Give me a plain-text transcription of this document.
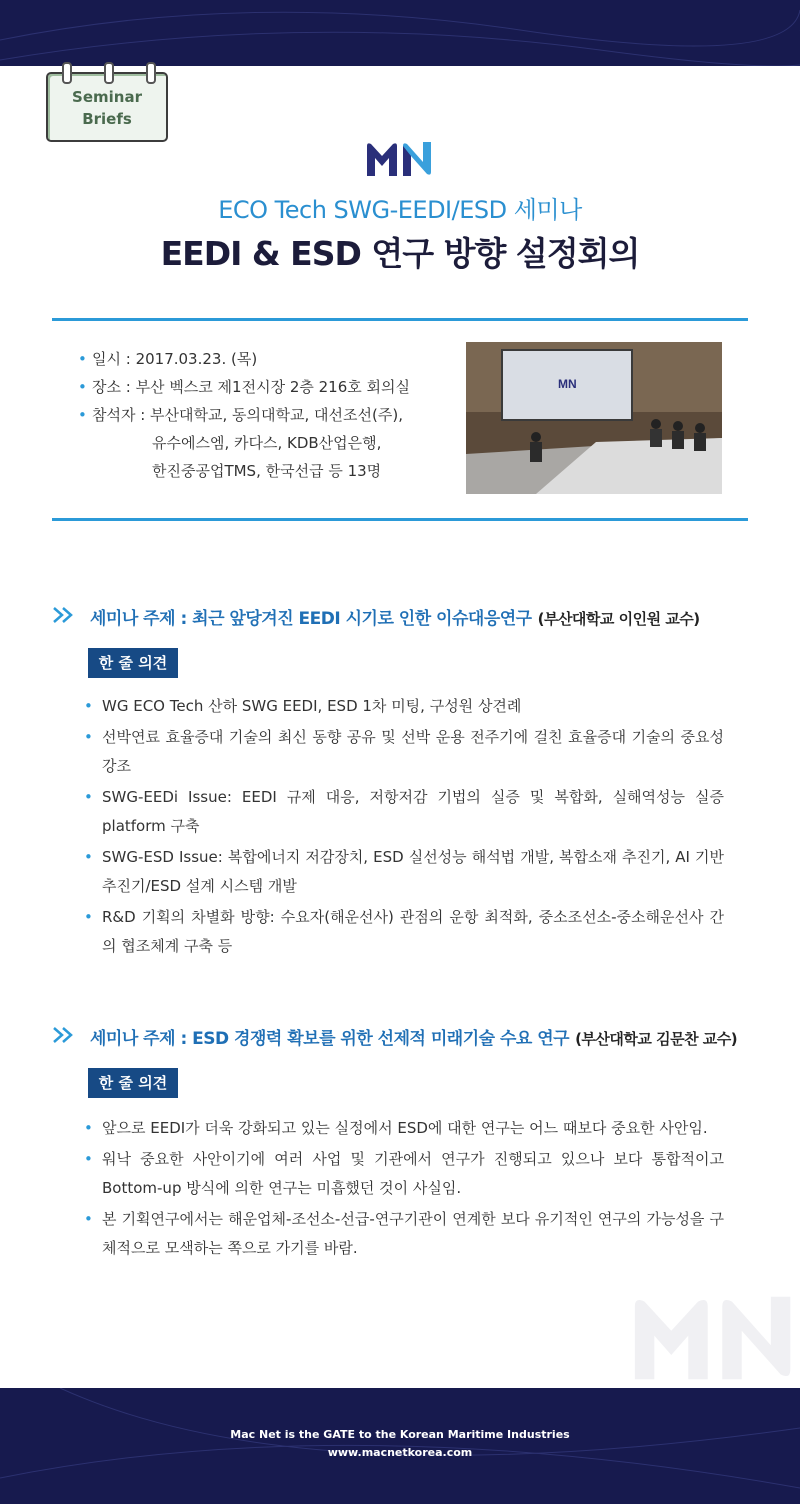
Seminar
Briefs
ECO Tech SWG-EEDI/ESD 세미나
EEDI & ESD 연구 방향 설정회의
• 일시 : 2017.03.23. (목)
• 장소 : 부산 벡스코 제1전시장 2층 216호 회의실
• 참석자 : 부산대학교, 동의대학교, 대선조선(주),
유수에스엠, 카다스, KDB산업은행,
한진중공업TMS, 한국선급 등 13명
MN
세미나 주제 : 최근 앞당겨진 EEDI 시기로 인한 이슈대응연구 (부산대학교 이인원 교수)
한 줄 의견
• WG ECO Tech 산하 SWG EEDI, ESD 1차 미팅, 구성원 상견례
• 선박연료 효율증대 기술의 최신 동향 공유 및 선박 운용 전주기에 걸친 효율증대 기술의 중요성 강조
• SWG-EEDi Issue: EEDI 규제 대응, 저항저감 기법의 실증 및 복합화, 실해역성능 실증 platform 구축
• SWG-ESD Issue: 복합에너지 저감장치, ESD 실선성능 해석법 개발, 복합소재 추진기, AI 기반 추진기/ESD 설계 시스템 개발
• R&D 기획의 차별화 방향: 수요자(해운선사) 관점의 운항 최적화, 중소조선소-중소해운선사 간의 협조체계 구축 등
세미나 주제 : ESD 경쟁력 확보를 위한 선제적 미래기술 수요 연구 (부산대학교 김문찬 교수)
한 줄 의견
• 앞으로 EEDI가 더욱 강화되고 있는 실정에서 ESD에 대한 연구는 어느 때보다 중요한 사안임.
• 워낙 중요한 사안이기에 여러 사업 및 기관에서 연구가 진행되고 있으나 보다 통합적이고 Bottom-up 방식에 의한 연구는 미흡했던 것이 사실임.
• 본 기획연구에서는 해운업체-조선소-선급-연구기관이 연계한 보다 유기적인 연구의 가능성을 구체적으로 모색하는 쪽으로 가기를 바람.
Mac Net is the GATE to the Korean Maritime Industries
www.macnetkorea.com
